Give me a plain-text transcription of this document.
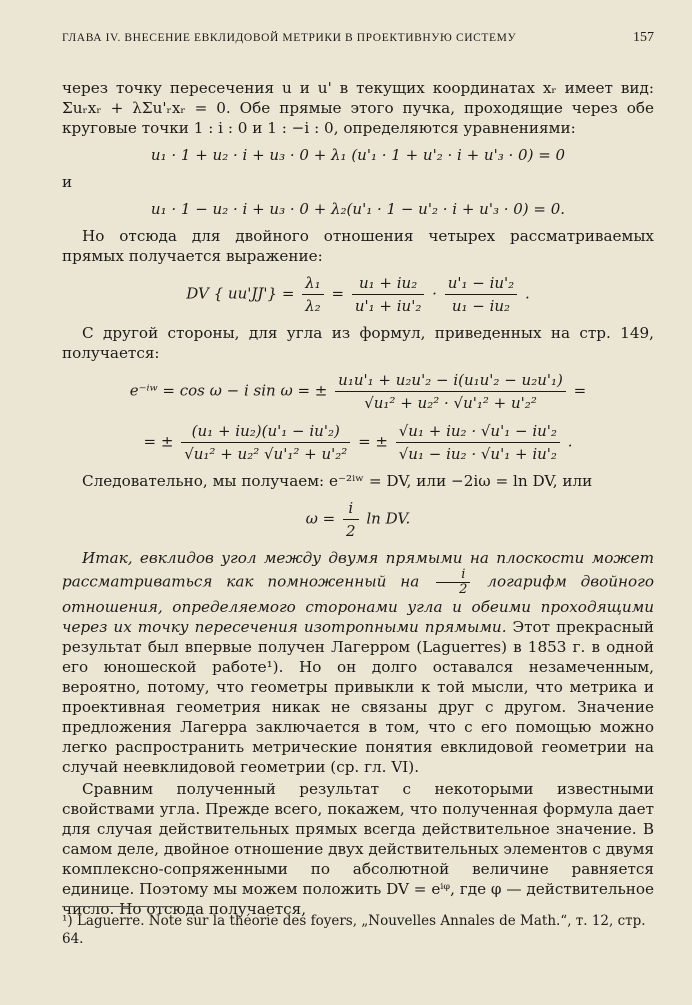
ГЛАВА IV. ВНЕСЕНИЕ ЕВКЛИДОВОЙ МЕТРИКИ В ПРОЕКТИВНУЮ СИСТЕМУ	157

через точку пересечения u и u' в текущих координатах xᵣ имеет вид: Σuᵣxᵣ + λΣu'ᵣxᵣ = 0. Обе прямые этого пучка, проходящие через обе круговые точки 1 : i : 0 и 1 : −i : 0, определяются уравнениями:

u₁ · 1 + u₂ · i + u₃ · 0 + λ₁ (u'₁ · 1 + u'₂ · i + u'₃ · 0) = 0
и
u₁ · 1 − u₂ · i + u₃ · 0 + λ₂(u'₁ · 1 − u'₂ · i + u'₃ · 0) = 0.

Но отсюда для двойного отношения четырех рассматриваемых прямых получается выражение:

DV { $uu'JJ'\} = \frac{\text{λ₁}}{\text{λ₂}} = \frac{\text{u₁ + iu₂}}{\text{u'₁ + iu'₂}} \cdot \frac{\text{u'₁ − iu'₂}}{\text{u₁ − iu₂}}$ .

С другой стороны, для угла из формул, приведенных на стр. 149, получается:

e⁻ⁱʷ = cos ω − i sin ω = ± $\frac{\text{u₁u'₁ + u₂u'₂ − i(u₁u'₂ − u₂u'₁)}}{\text{√u₁² + u₂² · √u'₁² + u'₂²}}$ =
= ± $\frac{\text{(u₁ + iu₂)(u'₁ − iu'₂)}}{\text{√u₁² + u₂² √u'₁² + u'₂²}}$ = ± $\frac{\text{√u₁ + iu₂ · √u'₁ − iu'₂}}{\text{√u₁ − iu₂ · √u'₁ + iu'₂}}$ .

Следовательно, мы получаем: e⁻²ⁱʷ = DV, или −2iω = ln DV, или

$\omega = \frac{i}{2}$ ln DV.

Итак, евклидов угол между двумя прямыми на плоскости может рассматриваться как помноженный на $\frac{i}{2}$ логарифм двойного отношения, определяемого сторонами угла и обеими проходящими через их точку пересечения изотропными прямыми. Этот прекрасный результат был впервые получен Лагерром (Laguerres) в 1853 г. в одной его юношеской работе¹). Но он долго оставался незамеченным, вероятно, потому, что геометры привыкли к той мысли, что метрика и проективная геометрия никак не связаны друг с другом. Значение предложения Лагерра заключается в том, что с его помощью можно легко распространить метрические понятия евклидовой геометрии на случай неевклидовой геометрии (ср. гл. VI).

Сравним полученный результат с некоторыми известными свойствами угла. Прежде всего, покажем, что полученная формула дает для случая действительных прямых всегда действительное значение. В самом деле, двойное отношение двух действительных элементов с двумя комплексно-сопряженными по абсолютной величине равняется единице. Поэтому мы можем положить DV = eⁱᵠ, где φ — действительное число. Но отсюда получается,

¹) Laguerre. Note sur la théorie des foyers, „Nouvelles Annales de Math.“, т. 12, стр. 64.
